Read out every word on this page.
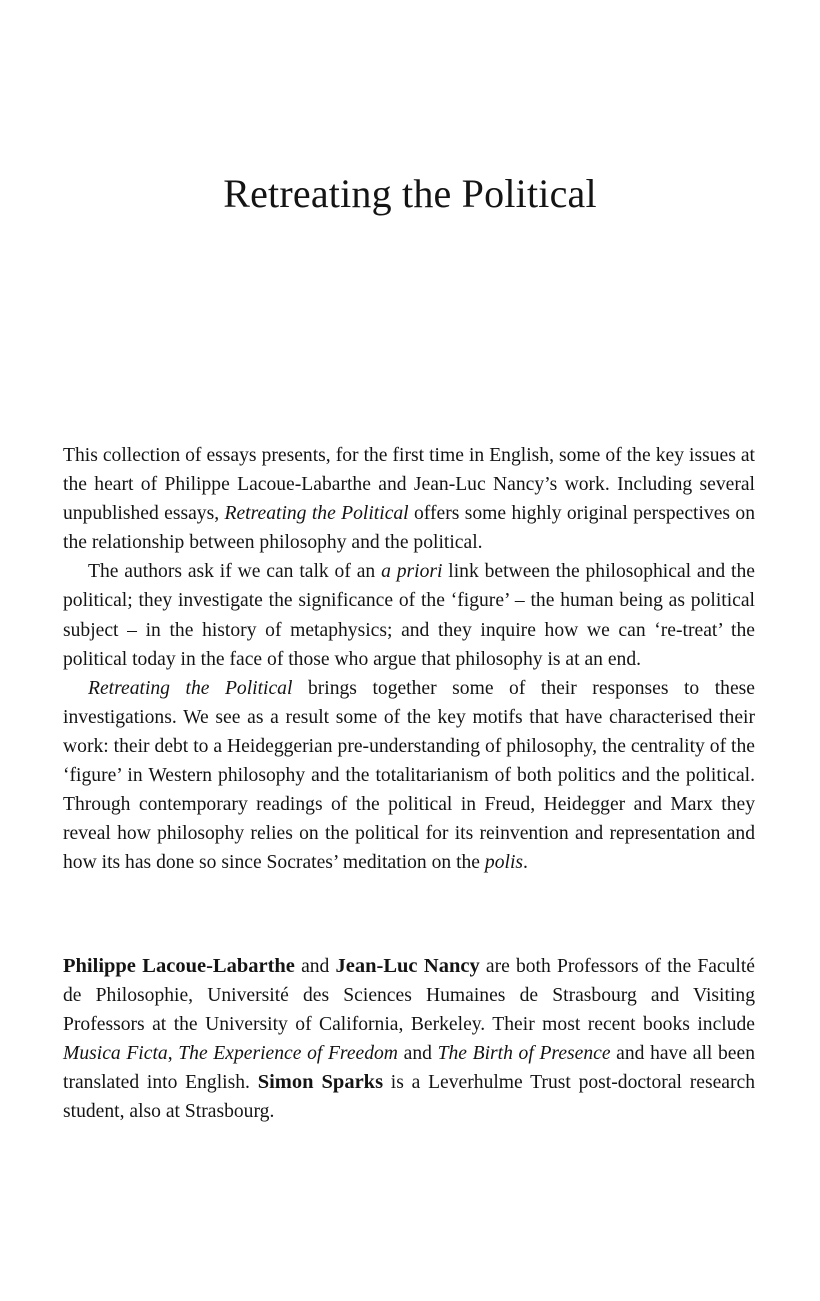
Retreating the Political

This collection of essays presents, for the first time in English, some of the key issues at the heart of Philippe Lacoue-Labarthe and Jean-Luc Nancy’s work. Including several unpublished essays, Retreating the Political offers some highly original perspectives on the relationship between philosophy and the political.

The authors ask if we can talk of an a priori link between the philosophical and the political; they investigate the significance of the ‘figure’ – the human being as political subject – in the history of metaphysics; and they inquire how we can ‘re-treat’ the political today in the face of those who argue that philosophy is at an end.

Retreating the Political brings together some of their responses to these investigations. We see as a result some of the key motifs that have characterised their work: their debt to a Heideggerian pre-understanding of philosophy, the centrality of the ‘figure’ in Western philosophy and the totalitarianism of both politics and the political. Through contemporary readings of the political in Freud, Heidegger and Marx they reveal how philosophy relies on the political for its reinvention and representation and how its has done so since Socrates’ meditation on the polis.

Philippe Lacoue-Labarthe and Jean-Luc Nancy are both Professors of the Faculté de Philosophie, Université des Sciences Humaines de Strasbourg and Visiting Professors at the University of California, Berkeley. Their most recent books include Musica Ficta, The Experience of Freedom and The Birth of Presence and have all been translated into English. Simon Sparks is a Leverhulme Trust post-doctoral research student, also at Strasbourg.
